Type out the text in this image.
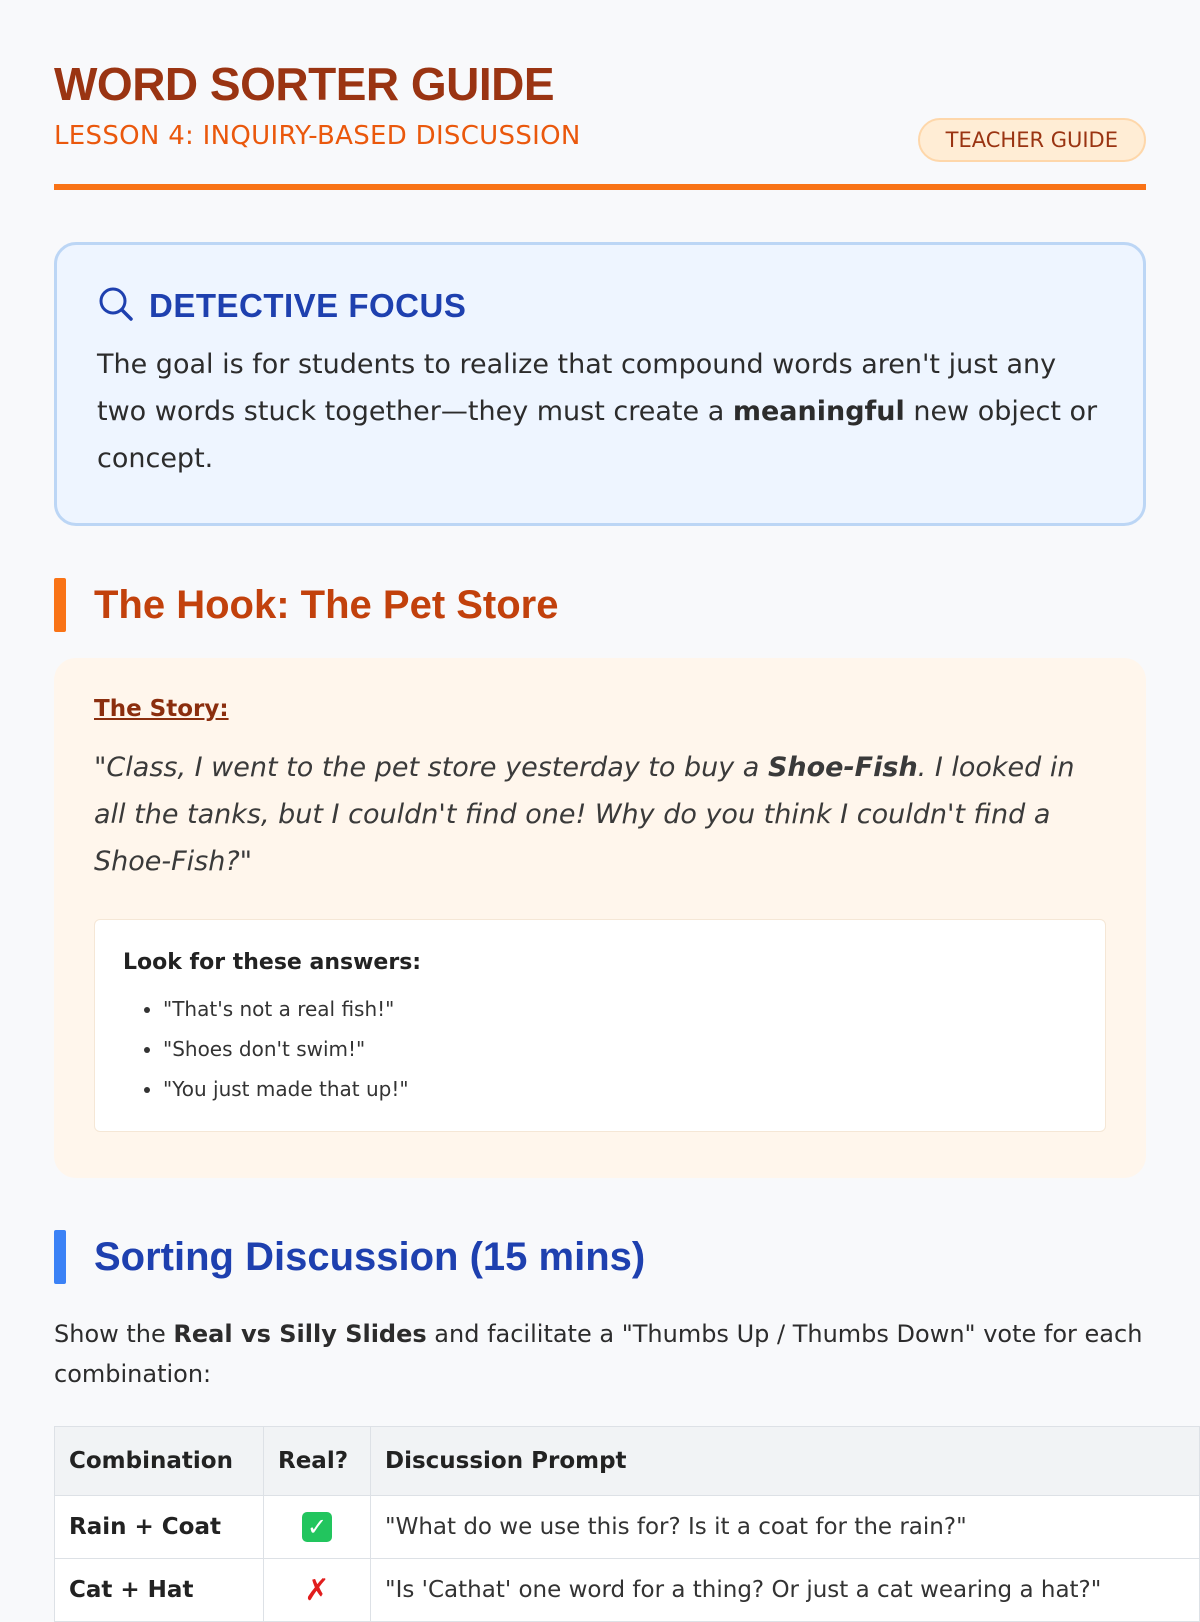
WORD SORTER GUIDE
LESSON 4: INQUIRY-BASED DISCUSSION	TEACHER GUIDE
DETECTIVE FOCUS
The goal is for students to realize that compound words aren't just any two words stuck together—they must create a meaningful new object or concept.
The Hook: The Pet Store
The Story:
"Class, I went to the pet store yesterday to buy a Shoe-Fish. I looked in all the tanks, but I couldn't find one! Why do you think I couldn't find a Shoe-Fish?"
Look for these answers:
• "That's not a real fish!"
• "Shoes don't swim!"
• "You just made that up!"
Sorting Discussion (15 mins)
Show the Real vs Silly Slides and facilitate a "Thumbs Up / Thumbs Down" vote for each combination:
Combination	Real?	Discussion Prompt
Rain + Coat	✓	"What do we use this for? Is it a coat for the rain?"
Cat + Hat	✗	"Is 'Cathat' one word for a thing? Or just a cat wearing a hat?"
